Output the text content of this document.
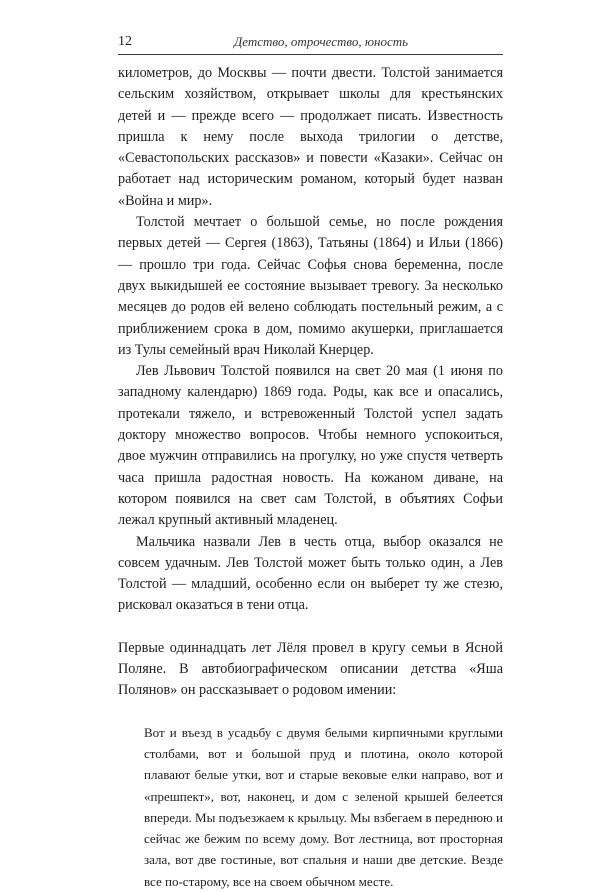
12	Детство, отрочество, юность

километров, до Москвы — почти двести. Толстой занимается сельским хозяйством, открывает школы для крестьянских детей и — прежде всего — продолжает писать. Известность пришла к нему после выхода трилогии о детстве, «Севастопольских рассказов» и повести «Казаки». Сейчас он работает над историческим романом, который будет назван «Война и мир».

Толстой мечтает о большой семье, но после рождения первых детей — Сергея (1863), Татьяны (1864) и Ильи (1866) — прошло три года. Сейчас Софья снова беременна, после двух выкидышей ее состояние вызывает тревогу. За несколько месяцев до родов ей велено соблюдать постельный режим, а с приближением срока в дом, помимо акушерки, приглашается из Тулы семейный врач Николай Кнерцер.

Лев Львович Толстой появился на свет 20 мая (1 июня по западному календарю) 1869 года. Роды, как все и опасались, протекали тяжело, и встревоженный Толстой успел задать доктору множество вопросов. Чтобы немного успокоиться, двое мужчин отправились на прогулку, но уже спустя четверть часа пришла радостная новость. На кожаном диване, на котором появился на свет сам Толстой, в объятиях Софьи лежал крупный активный младенец.

Мальчика назвали Лев в честь отца, выбор оказался не совсем удачным. Лев Толстой может быть только один, а Лев Толстой — младший, особенно если он выберет ту же стезю, рисковал оказаться в тени отца.

Первые одиннадцать лет Лёля провел в кругу семьи в Ясной Поляне. В автобиографическом описании детства «Яша Полянов» он рассказывает о родовом имении:

Вот и въезд в усадьбу с двумя белыми кирпичными круглыми столбами, вот и большой пруд и плотина, около которой плавают белые утки, вот и старые вековые елки направо, вот и «прешпект», вот, наконец, и дом с зеленой крышей белеется впереди. Мы подъезжаем к крыльцу. Мы взбегаем в переднюю и сейчас же бежим по всему дому. Вот лестница, вот просторная зала, вот две гостиные, вот спальня и наши две детские. Везде все по-старому, все на своем обычном месте.
